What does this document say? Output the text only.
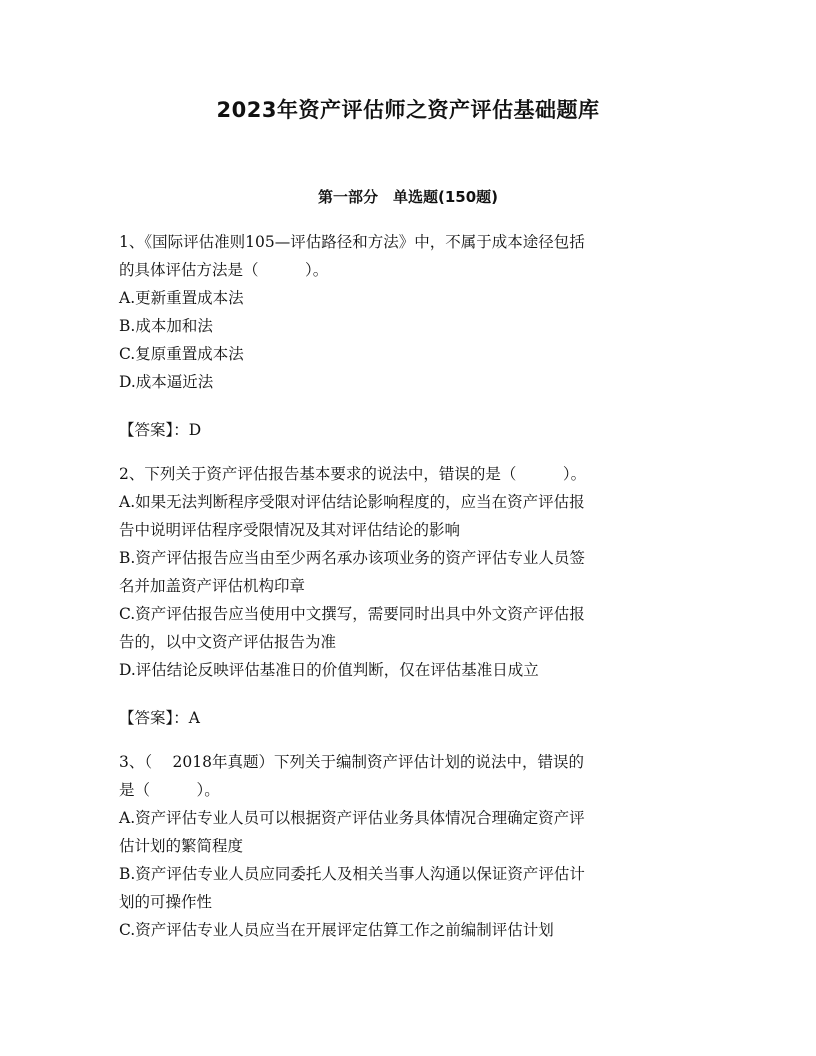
2023年资产评估师之资产评估基础题库
第一部分　单选题(150题)
1、《国际评估准则105—评估路径和方法》中，不属于成本途径包括
的具体评估方法是（　　　）。
A.更新重置成本法
B.成本加和法
C.复原重置成本法
D.成本逼近法
【答案】：D
2、下列关于资产评估报告基本要求的说法中，错误的是（　　　）。
A.如果无法判断程序受限对评估结论影响程度的，应当在资产评估报
告中说明评估程序受限情况及其对评估结论的影响
B.资产评估报告应当由至少两名承办该项业务的资产评估专业人员签
名并加盖资产评估机构印章
C.资产评估报告应当使用中文撰写，需要同时出具中外文资产评估报
告的，以中文资产评估报告为准
D.评估结论反映评估基准日的价值判断，仅在评估基准日成立
【答案】：A
3、（　 2018年真题）下列关于编制资产评估计划的说法中，错误的
是（　　　）。
A.资产评估专业人员可以根据资产评估业务具体情况合理确定资产评
估计划的繁简程度
B.资产评估专业人员应同委托人及相关当事人沟通以保证资产评估计
划的可操作性
C.资产评估专业人员应当在开展评定估算工作之前编制评估计划
